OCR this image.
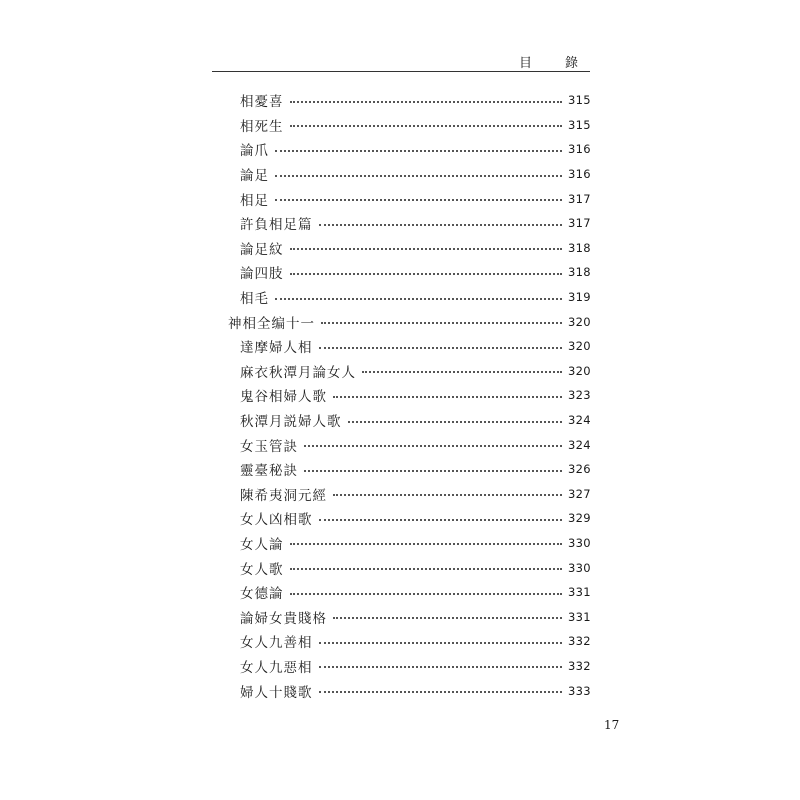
目　錄
相憂喜	315
相死生	315
論爪	316
論足	316
相足	317
許負相足篇	317
論足紋	318
論四肢	318
相毛	319
神相全编十一	320
達摩婦人相	320
麻衣秋潭月論女人	320
鬼谷相婦人歌	323
秋潭月説婦人歌	324
女玉管訣	324
靈臺秘訣	326
陳希夷洞元經	327
女人凶相歌	329
女人論	330
女人歌	330
女德論	331
論婦女貴賤格	331
女人九善相	332
女人九惡相	332
婦人十賤歌	333
17
